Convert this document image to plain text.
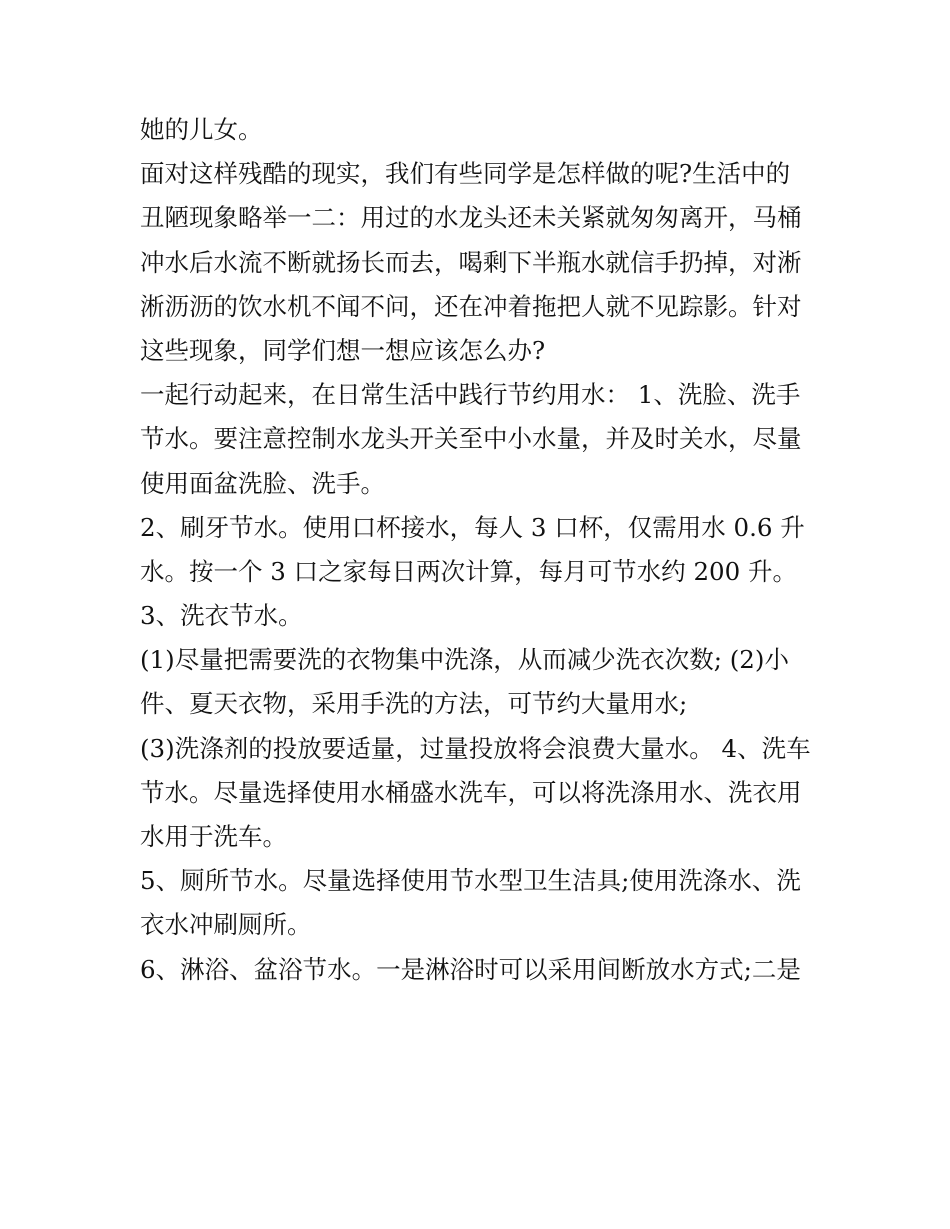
她的儿女。
面对这样残酷的现实，我们有些同学是怎样做的呢?生活中的
丑陋现象略举一二：用过的水龙头还未关紧就匆匆离开，马桶
冲水后水流不断就扬长而去，喝剩下半瓶水就信手扔掉，对淅
淅沥沥的饮水机不闻不问，还在冲着拖把人就不见踪影。针对
这些现象，同学们想一想应该怎么办?
一起行动起来，在日常生活中践行节约用水： 1、洗脸、洗手
节水。要注意控制水龙头开关至中小水量，并及时关水，尽量
使用面盆洗脸、洗手。
2、刷牙节水。使用口杯接水，每人 3 口杯，仅需用水 0.6 升
水。按一个 3 口之家每日两次计算，每月可节水约 200 升。
3、洗衣节水。
(1)尽量把需要洗的衣物集中洗涤，从而减少洗衣次数; (2)小
件、夏天衣物，采用手洗的方法，可节约大量用水;
(3)洗涤剂的投放要适量，过量投放将会浪费大量水。 4、洗车
节水。尽量选择使用水桶盛水洗车，可以将洗涤用水、洗衣用
水用于洗车。
5、厕所节水。尽量选择使用节水型卫生洁具;使用洗涤水、洗
衣水冲刷厕所。
6、淋浴、盆浴节水。一是淋浴时可以采用间断放水方式;二是
